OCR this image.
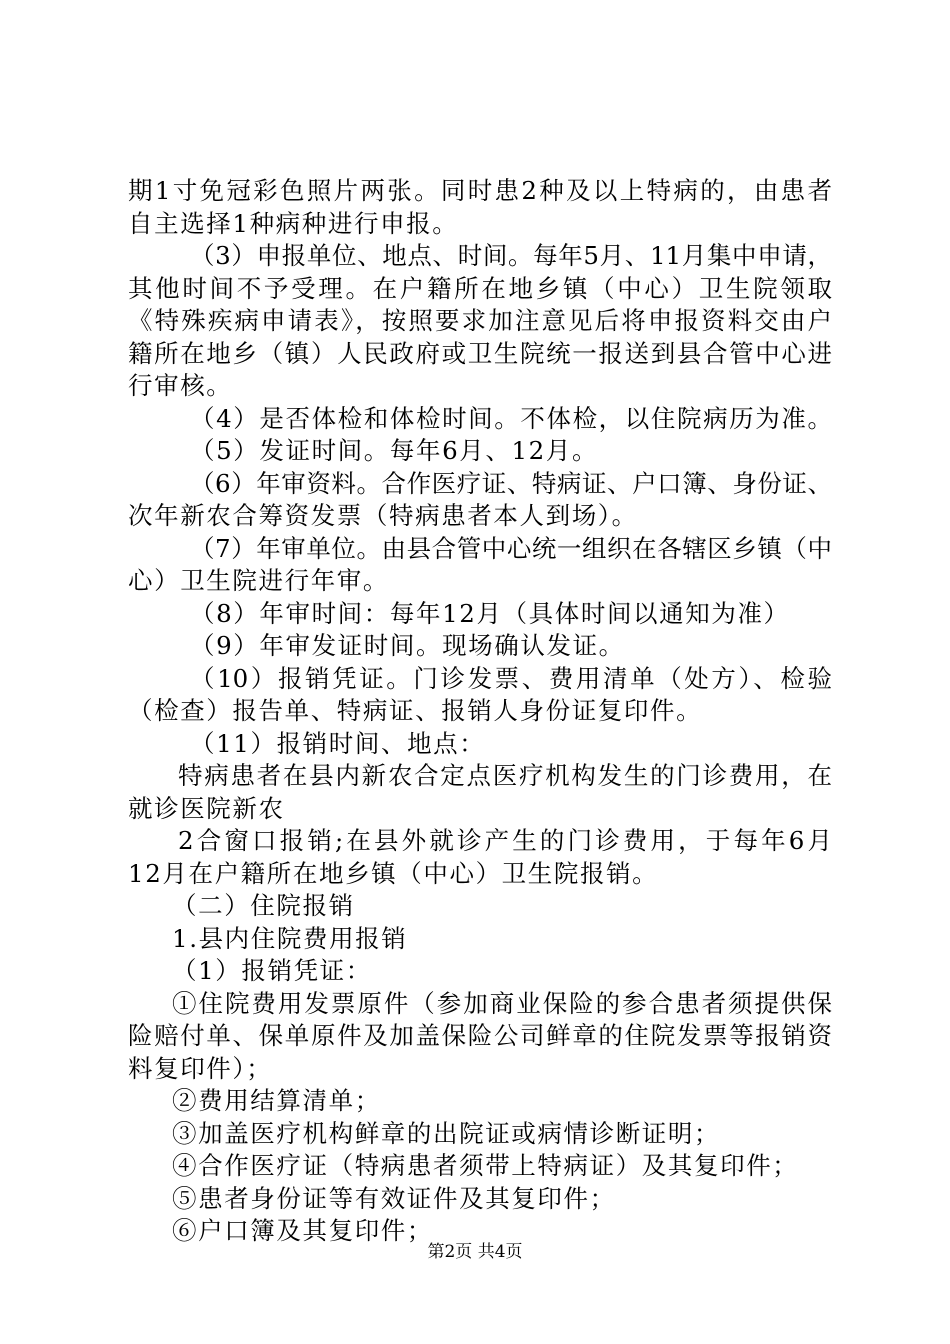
期1寸免冠彩色照片两张。同时患2种及以上特病的，由患者
自主选择1种病种进行申报。
（3）申报单位、地点、时间。每年5月、11月集中申请，
其他时间不予受理。在户籍所在地乡镇（中心）卫生院领取
《特殊疾病申请表》，按照要求加注意见后将申报资料交由户
籍所在地乡（镇）人民政府或卫生院统一报送到县合管中心进
行审核。
（4）是否体检和体检时间。不体检，以住院病历为准。
（5）发证时间。每年6月、12月。
（6）年审资料。合作医疗证、特病证、户口簿、身份证、
次年新农合筹资发票（特病患者本人到场）。
（7）年审单位。由县合管中心统一组织在各辖区乡镇（中
心）卫生院进行年审。
（8）年审时间：每年12月（具体时间以通知为准）
（9）年审发证时间。现场确认发证。
（10）报销凭证。门诊发票、费用清单（处方）、检验
（检查）报告单、特病证、报销人身份证复印件。
（11）报销时间、地点：
特病患者在县内新农合定点医疗机构发生的门诊费用，在
就诊医院新农
2合窗口报销;在县外就诊产生的门诊费用，于每年6月
12月在户籍所在地乡镇（中心）卫生院报销。
（二）住院报销
1.县内住院费用报销
（1）报销凭证：
①住院费用发票原件（参加商业保险的参合患者须提供保
险赔付单、保单原件及加盖保险公司鲜章的住院发票等报销资
料复印件）；
②费用结算清单；
③加盖医疗机构鲜章的出院证或病情诊断证明；
④合作医疗证（特病患者须带上特病证）及其复印件；
⑤患者身份证等有效证件及其复印件；
⑥户口簿及其复印件；
第2页 共4页
